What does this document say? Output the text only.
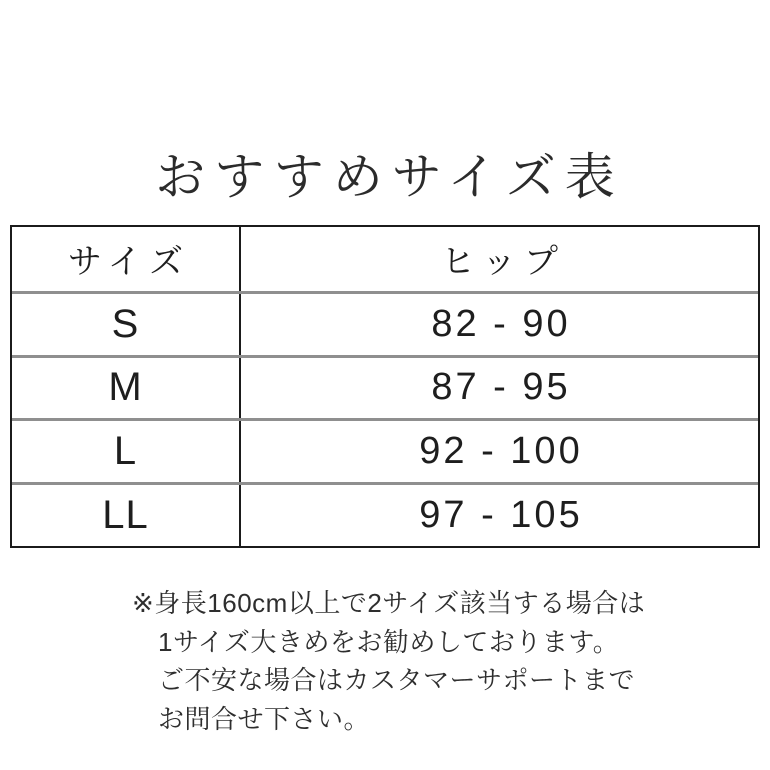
おすすめサイズ表
サイズ	ヒップ
S	82 - 90
M	87 - 95
L	92 - 100
LL	97 - 105
※身長160cm以上で2サイズ該当する場合は
1サイズ大きめをお勧めしております。
ご不安な場合はカスタマーサポートまで
お問合せ下さい。
